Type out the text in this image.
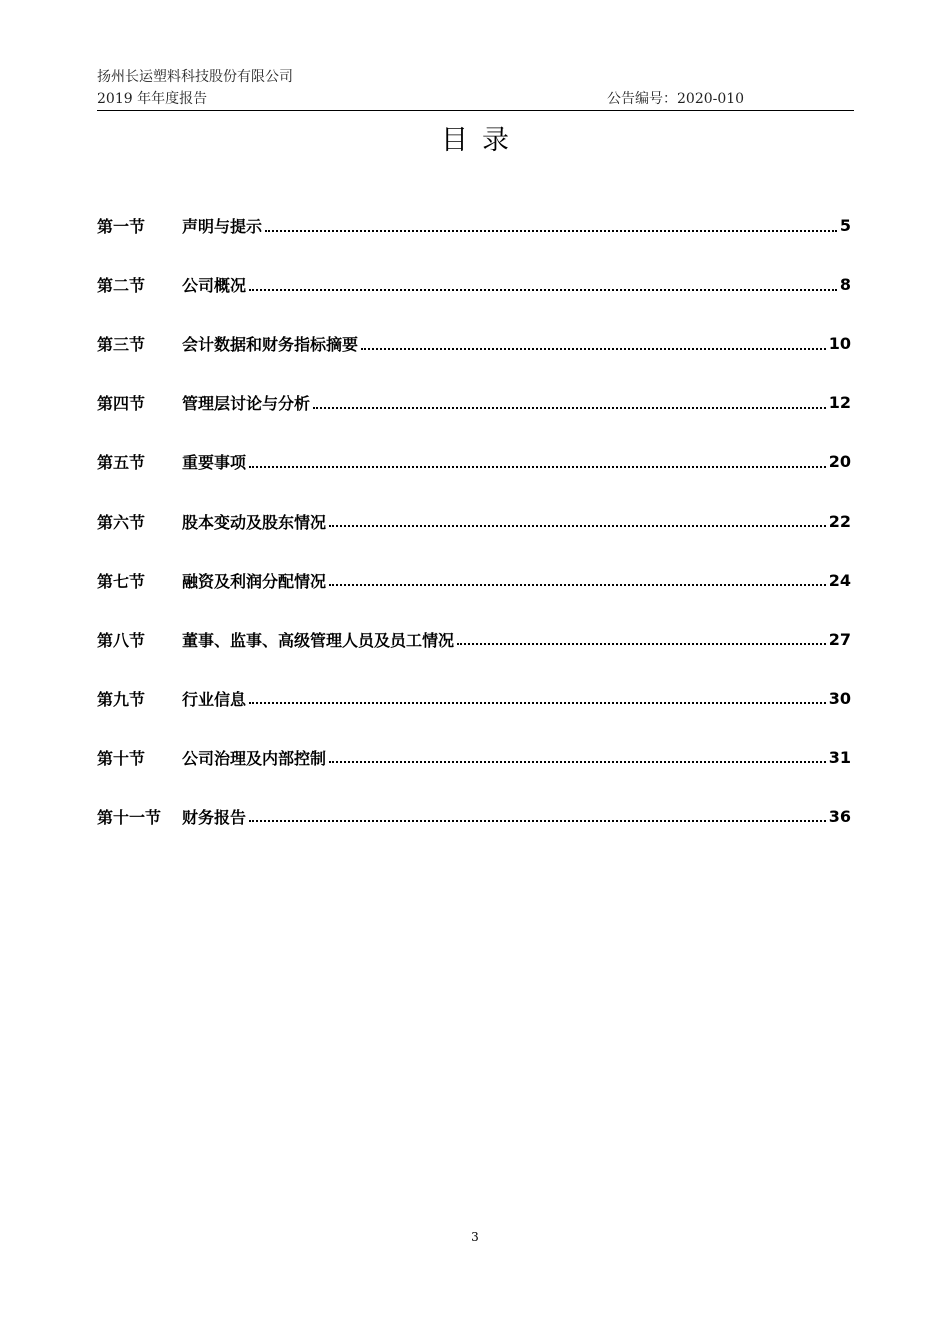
扬州长运塑料科技股份有限公司
2019 年年度报告	公告编号：2020-010
目录
第一节	声明与提示	5
第二节	公司概况	8
第三节	会计数据和财务指标摘要	10
第四节	管理层讨论与分析	12
第五节	重要事项	20
第六节	股本变动及股东情况	22
第七节	融资及利润分配情况	24
第八节	董事、监事、高级管理人员及员工情况	27
第九节	行业信息	30
第十节	公司治理及内部控制	31
第十一节	财务报告	36
3
